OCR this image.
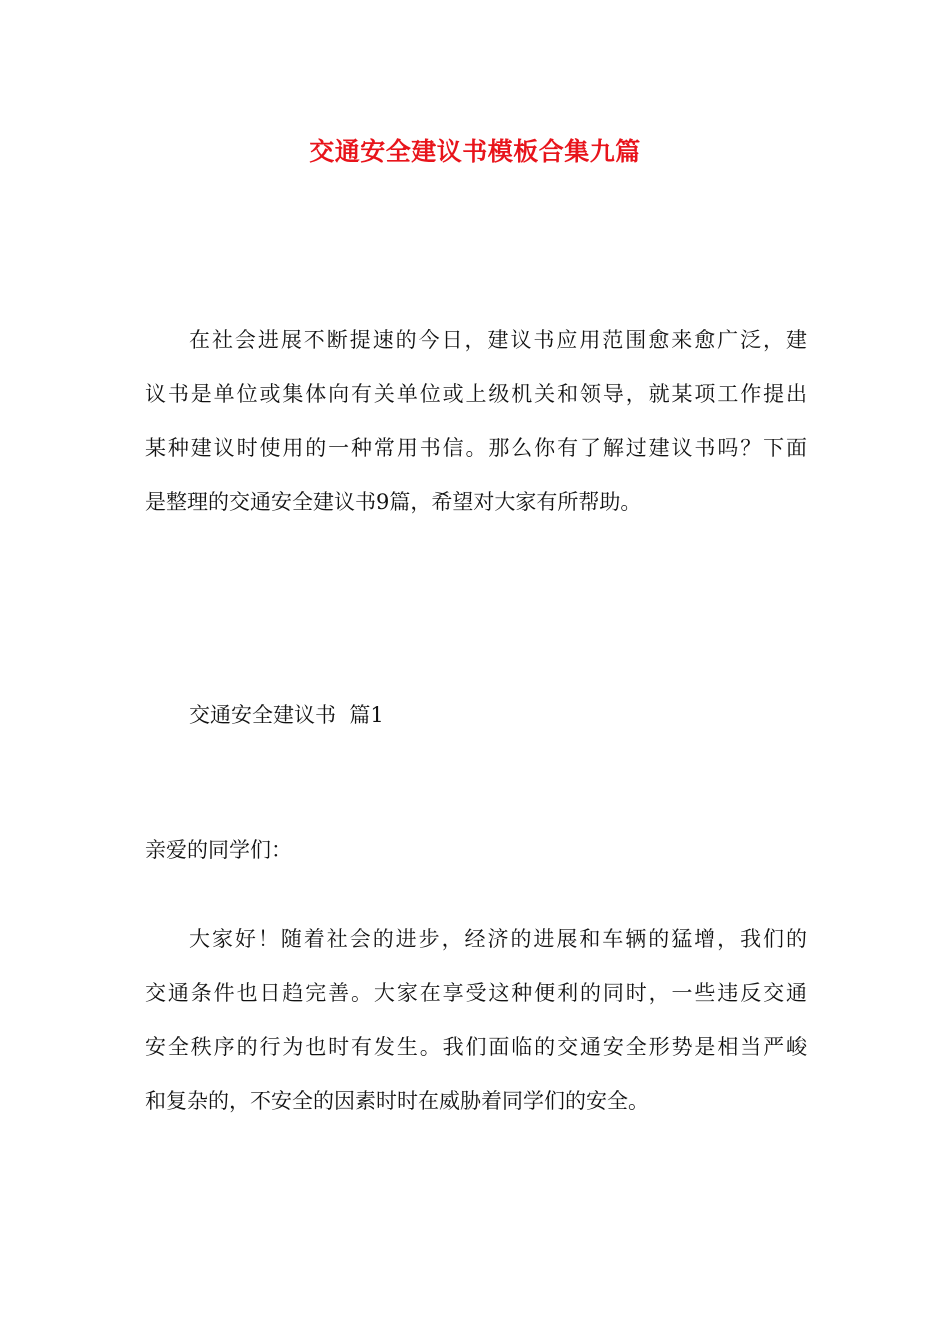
交通安全建议书模板合集九篇
在社会进展不断提速的今日，建议书应用范围愈来愈广泛，建
议书是单位或集体向有关单位或上级机关和领导，就某项工作提出
某种建议时使用的一种常用书信。那么你有了解过建议书吗？下面
是整理的交通安全建议书9篇，希望对大家有所帮助。
交通安全建议书  篇1
亲爱的同学们：
大家好！随着社会的进步，经济的进展和车辆的猛增，我们的
交通条件也日趋完善。大家在享受这种便利的同时，一些违反交通
安全秩序的行为也时有发生。我们面临的交通安全形势是相当严峻
和复杂的，不安全的因素时时在威胁着同学们的安全。
